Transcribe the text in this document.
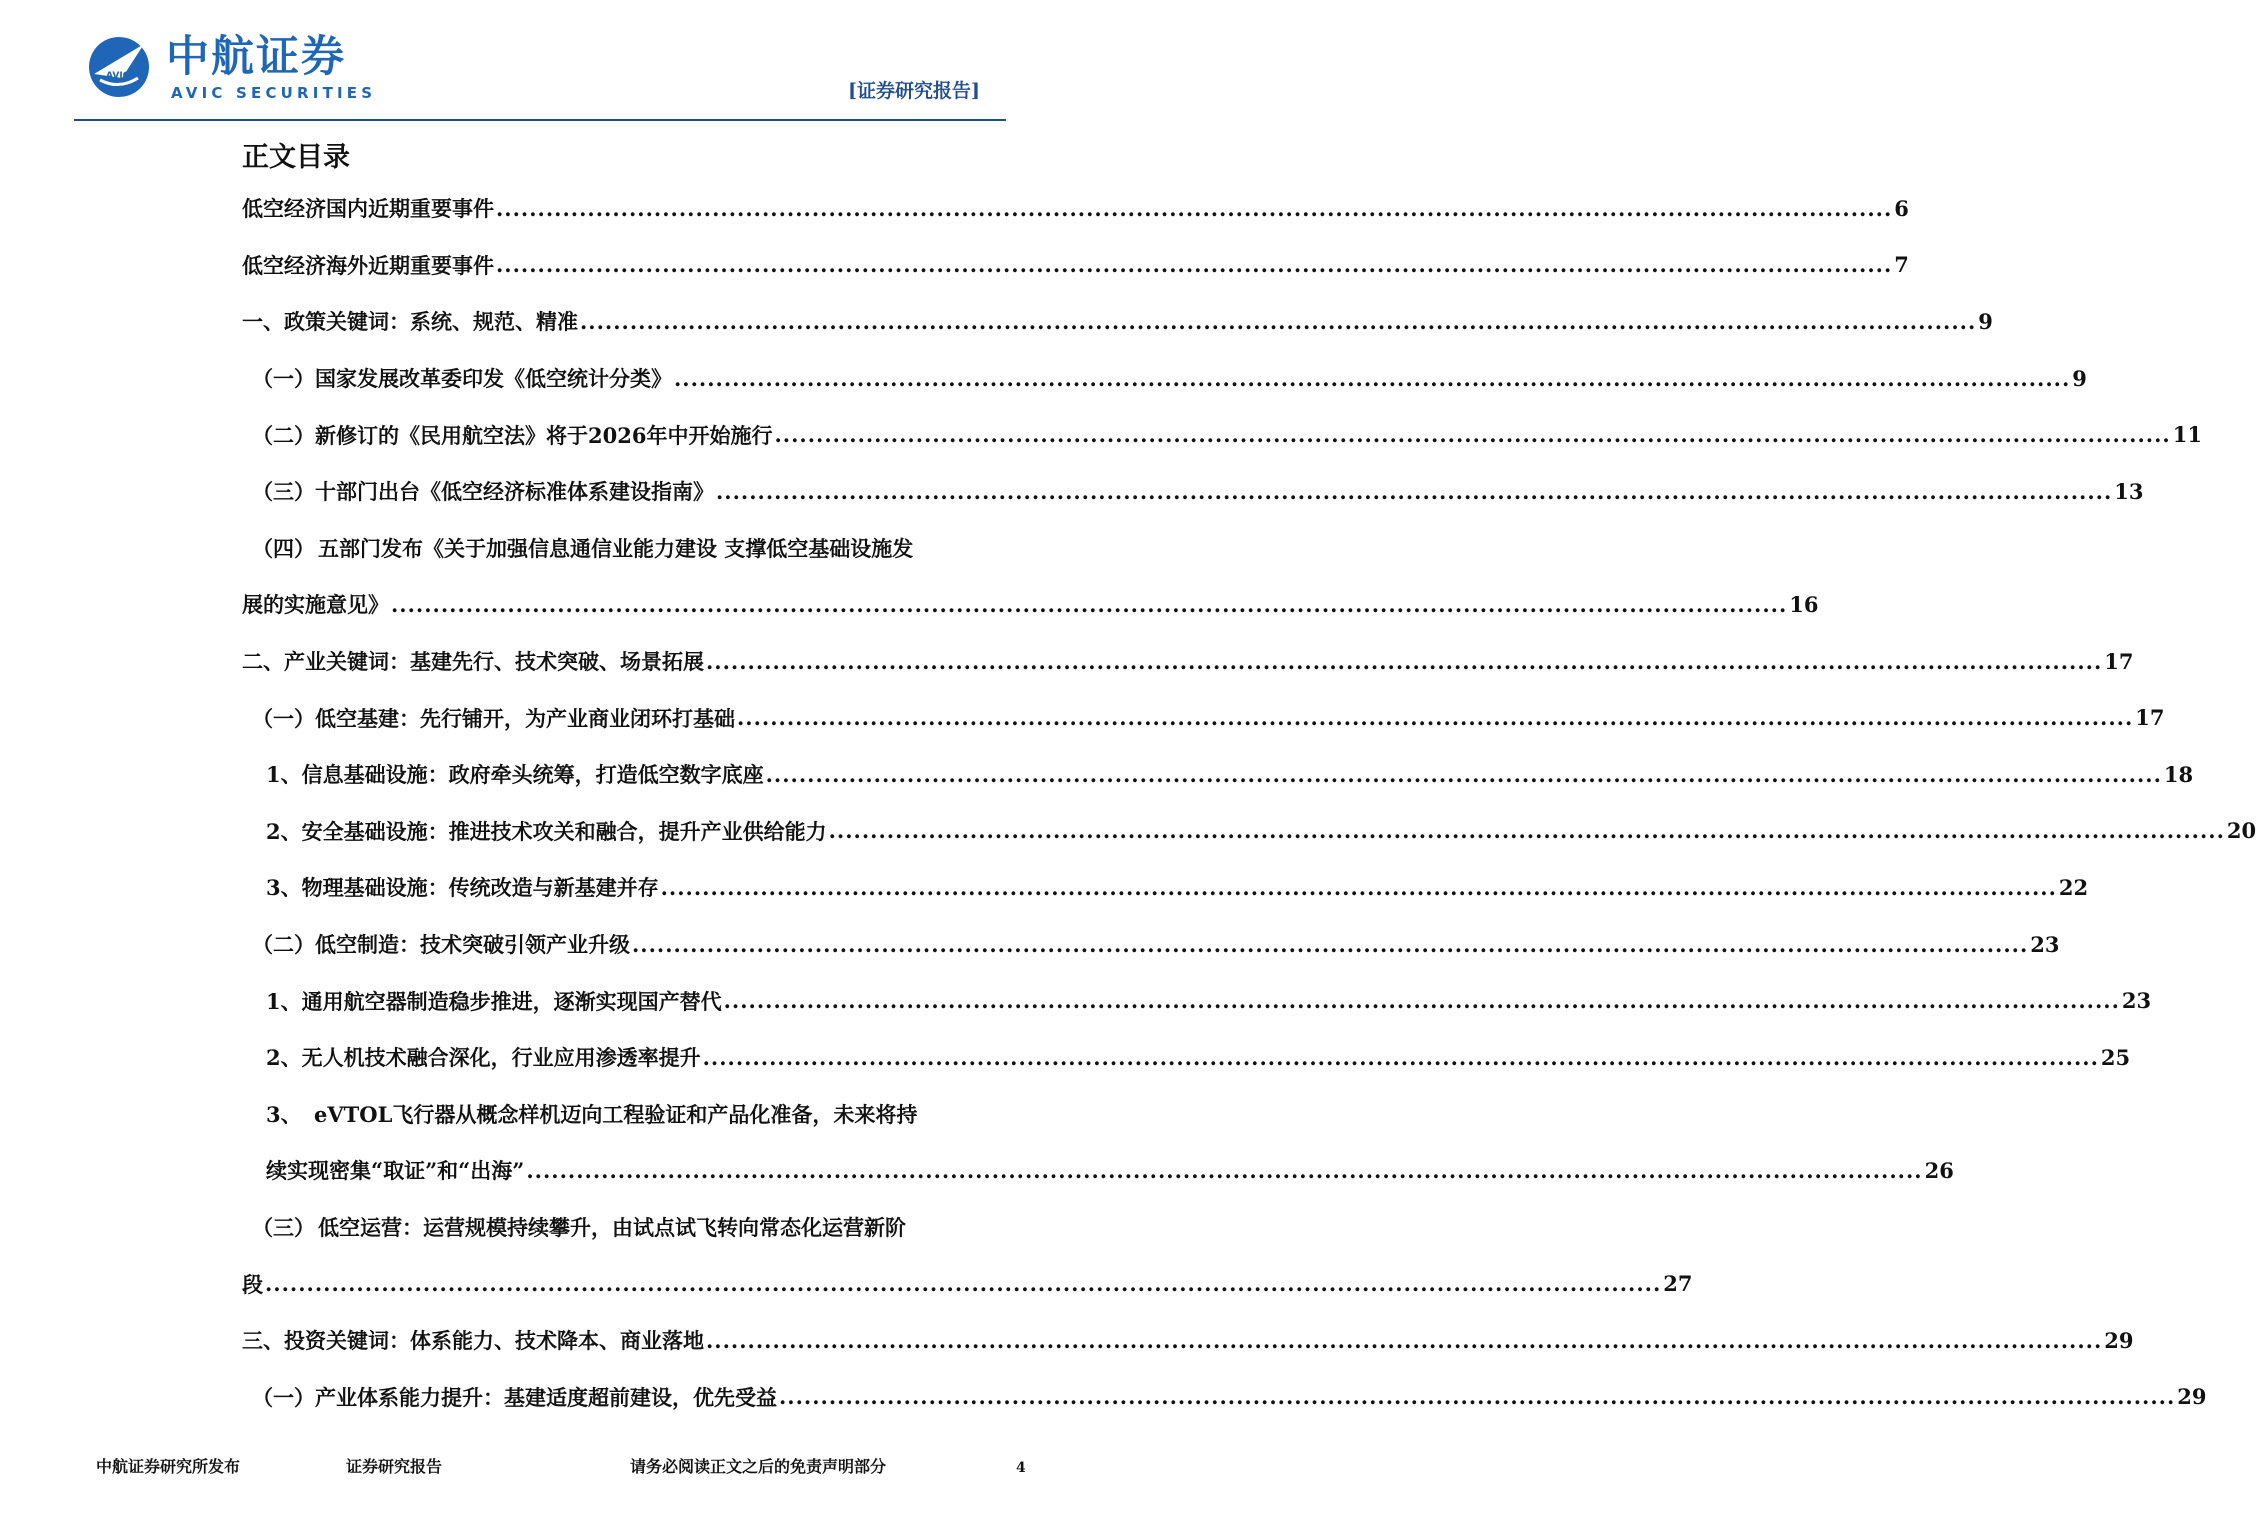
AVIC 中航证券
AVIC SECURITIES	[证券研究报告]
正文目录
低空经济国内近期重要事件 .....	6
低空经济海外近期重要事件 .....	7
一、 政策关键词：系统、规范、精准 .....	9
（一） 国家发展改革委印发《低空统计分类》 .....	9
（二） 新修订的《民用航空法》将于2026年中开始施行 .....	11
（三） 十部门出台《低空经济标准体系建设指南》 .....	13
（四） 五部门发布《关于加强信息通信业能力建设 支撑低空基础设施发
展的实施意见》 .....	16
二、 产业关键词：基建先行、技术突破、场景拓展 .....	17
（一） 低空基建：先行铺开，为产业商业闭环打基础 .....	17
1、 信息基础设施：政府牵头统筹，打造低空数字底座 .....	18
2、 安全基础设施：推进技术攻关和融合，提升产业供给能力 .....	20
3、 物理基础设施：传统改造与新基建并存 .....	22
（二） 低空制造：技术突破引领产业升级 .....	23
1、 通用航空器制造稳步推进，逐渐实现国产替代 .....	23
2、 无人机技术融合深化，行业应用渗透率提升 .....	25
3、 eVTOL飞行器从概念样机迈向工程验证和产品化准备，未来将持
续实现密集“取证”和“出海” .....	26
（三） 低空运营：运营规模持续攀升，由试点试飞转向常态化运营新阶
段 .....	27
三、 投资关键词：体系能力、技术降本、商业落地 .....	29
（一） 产业体系能力提升：基建适度超前建设，优先受益 .....	29
中航证券研究所发布	证券研究报告	请务必阅读正文之后的免责声明部分	4
